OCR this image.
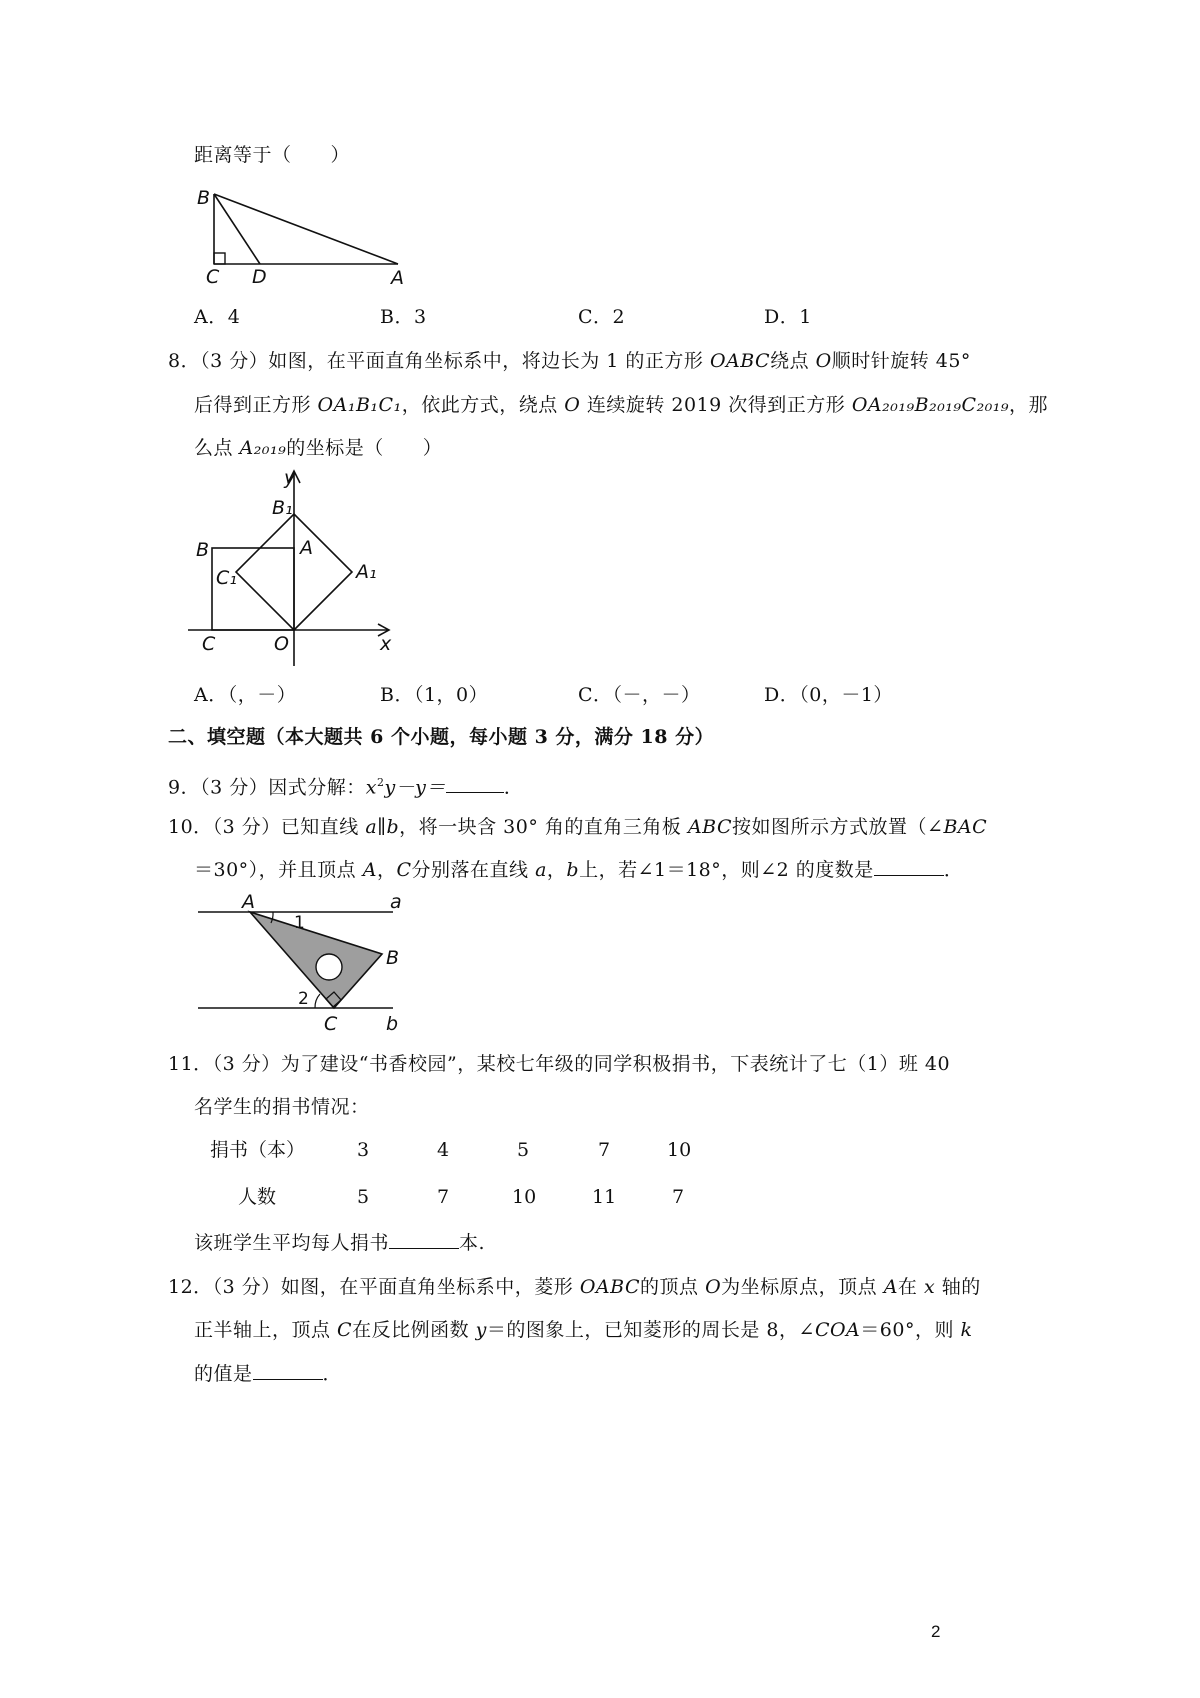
距离等于（　　）
B
C D	A
A．4	B．3	C．2	D．1
8．（3 分）如图，在平面直角坐标系中，将边长为 1 的正方形 OABC绕点 O顺时针旋转 45°
后得到正方形 OA₁B₁C₁，依此方式，绕点 O 连续旋转 2019 次得到正方形 OA₂₀₁₉B₂₀₁₉C₂₀₁₉，那
么点 A₂₀₁₉的坐标是（　　）
y
B₁
B	A
C₁	A₁
C	O	x
A．（，－）	B．（1，0）	C．（－，－）	D．（0，－1）
二、填空题（本大题共 6 个小题，每小题 3 分，满分 18 分）
9．（3 分）因式分解：$x^2y-y=$	．
10．（3 分）已知直线 a∥b，将一块含 30° 角的直角三角板 ABC按如图所示方式放置（∠BAC
＝30°），并且顶点 A，C分别落在直线 a，b上，若∠1＝18°，则∠2 的度数是	．
A	a
1
B
2
C	b
11．（3 分）为了建设“书香校园”，某校七年级的同学积极捐书，下表统计了七（1）班 40
名学生的捐书情况：
捐书（本）	3	4	5	7	10
人数	5	7	10	11	7
该班学生平均每人捐书	本.
12．（3 分）如图，在平面直角坐标系中，菱形 OABC的顶点 O为坐标原点，顶点 A在 x 轴的
正半轴上，顶点 C在反比例函数 y＝的图象上，已知菱形的周长是 8，∠COA＝60°，则 k
的值是	．
2
